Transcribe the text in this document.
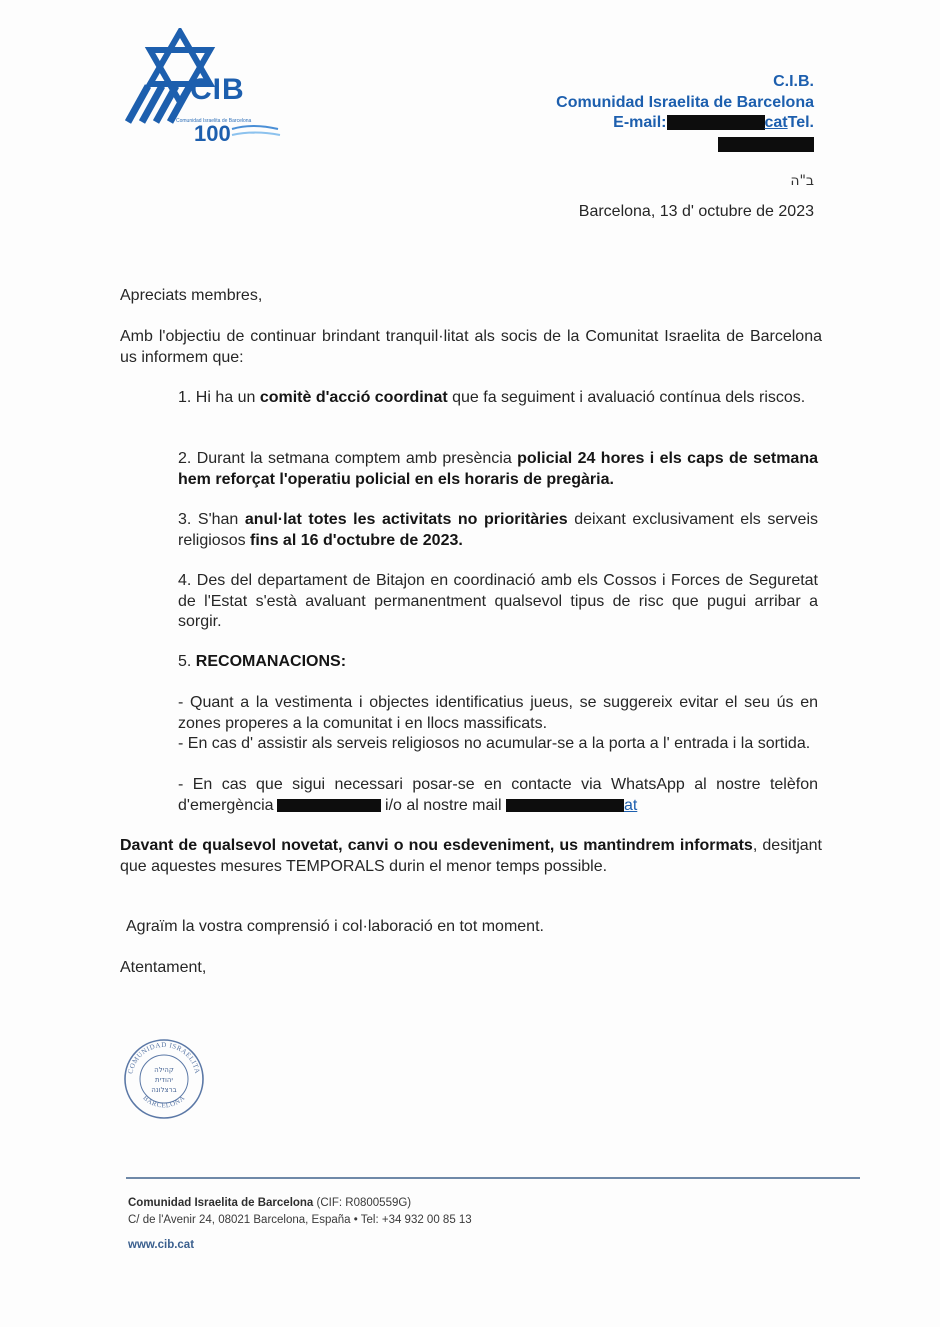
CIB
Comunidad Israelita de Barcelona
100
C.I.B.
Comunidad Israelita de Barcelona
E-mail:	catTel.
ב"ה
Barcelona, 13 d' octubre de 2023
Apreciats membres,
Amb l'objectiu de continuar brindant tranquil·litat als socis de la Comunitat Israelita de Barcelona us informem que:
1. Hi ha un comitè d'acció coordinat que fa seguiment i avaluació contínua dels riscos.
2. Durant la setmana comptem amb presència policial 24 hores i els caps de setmana hem reforçat l'operatiu policial en els horaris de pregària.
3. S'han anul·lat totes les activitats no prioritàries deixant exclusivament els serveis religiosos fins al 16 d'octubre de 2023.
4. Des del departament de Bitajon en coordinació amb els Cossos i Forces de Seguretat de l'Estat s'està avaluant permanentment qualsevol tipus de risc que pugui arribar a sorgir.
5. RECOMANACIONS:
- Quant a la vestimenta i objectes identificatius jueus, se suggereix evitar el seu ús en zones properes a la comunitat i en llocs massificats.
- En cas d' assistir als serveis religiosos no acumular-se a la porta a l' entrada i la sortida.
- En cas que sigui necessari posar-se en contacte via WhatsApp al nostre telèfon d'emergència	i/o al nostre mail	at
Davant de qualsevol novetat, canvi o nou esdeveniment, us mantindrem informats, desitjant que aquestes mesures TEMPORALS durin el menor temps possible.
Agraïm la vostra comprensió i col·laboració en tot moment.
Atentament,
COMUNIDAD ISRAELITA
BARCELONA
קהילה
יהודית
ברצלונה
Comunidad Israelita de Barcelona (CIF: R0800559G)
C/ de l'Avenir 24, 08021 Barcelona, España • Tel: +34 932 00 85 13
www.cib.cat
